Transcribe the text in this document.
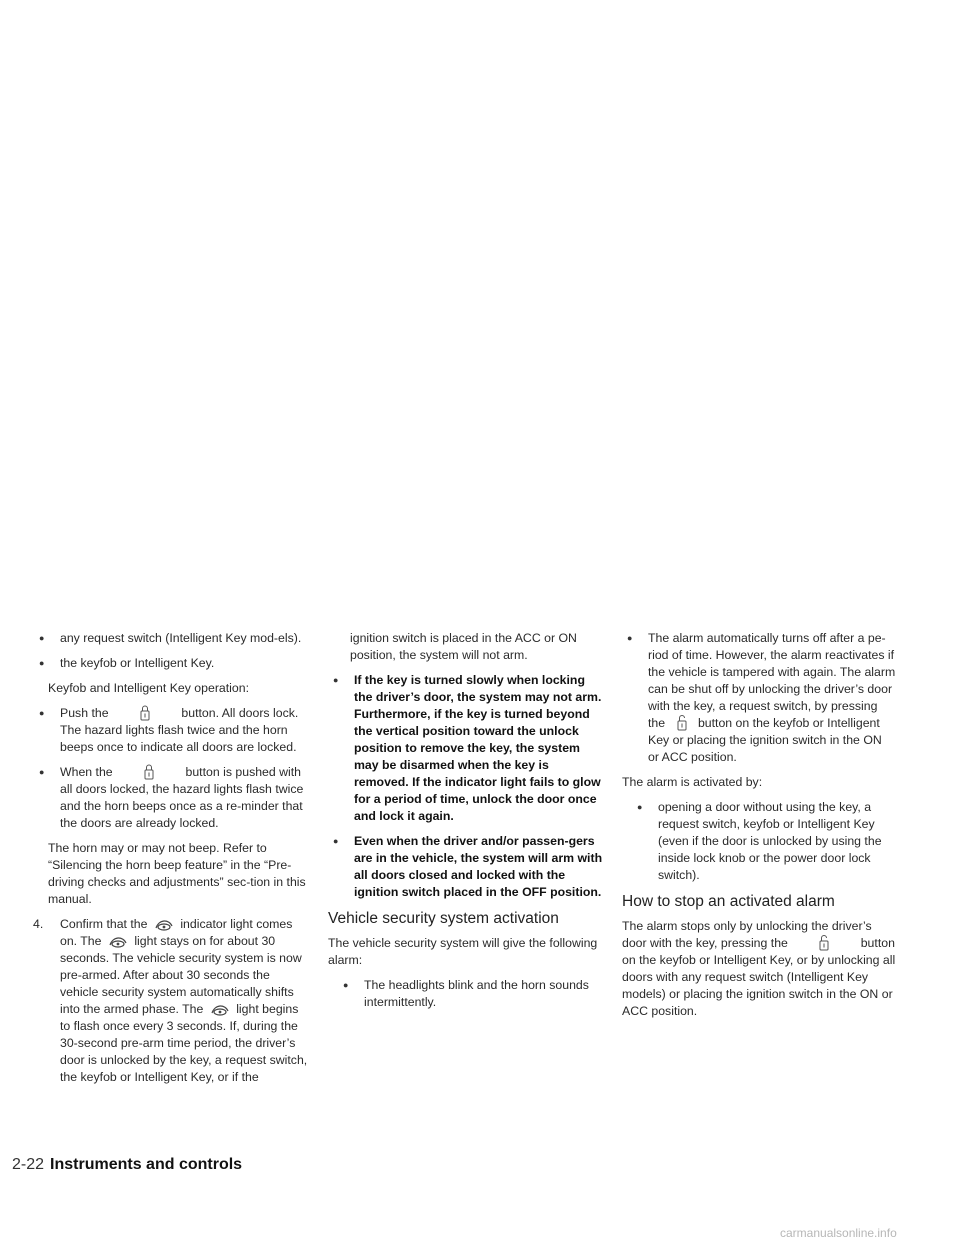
● any request switch (Intelligent Key mod-els).
● the keyfob or Intelligent Key.

Keyfob and Intelligent Key operation:

● Push the	button. All doors lock. The hazard lights flash twice and the horn beeps once to indicate all doors are locked.
● When the	button is pushed with all doors locked, the hazard lights flash twice and the horn beeps once as a re-minder that the doors are already locked.

The horn may or may not beep. Refer to “Silencing the horn beep feature” in the “Pre-driving checks and adjustments” sec-tion in this manual.

4. Confirm that the	indicator light comes on. The	light stays on for about 30 seconds. The vehicle security system is now pre-armed. After about 30 seconds the vehicle security system automatically shifts into the armed phase. The	light begins to flash once every 3 seconds. If, during the 30-second pre-arm time period, the driver’s door is unlocked by the key, a request switch, the keyfob or Intelligent Key, or if the

ignition switch is placed in the ACC or ON position, the system will not arm.

● If the key is turned slowly when locking the driver’s door, the system may not arm. Furthermore, if the key is turned beyond the vertical position toward the unlock position to remove the key, the system may be disarmed when the key is removed. If the indicator light fails to glow for a period of time, unlock the door once and lock it again.
● Even when the driver and/or passen-gers are in the vehicle, the system will arm with all doors closed and locked with the ignition switch placed in the OFF position.
Vehicle security system activation

The vehicle security system will give the following alarm:

● The headlights blink and the horn sounds intermittently.
● The alarm automatically turns off after a pe-riod of time. However, the alarm reactivates if the vehicle is tampered with again. The alarm can be shut off by unlocking the driver’s door with the key, a request switch, by pressing the	button on the keyfob or Intelligent Key or placing the ignition switch in the ON or ACC position.

The alarm is activated by:

● opening a door without using the key, a request switch, keyfob or Intelligent Key (even if the door is unlocked by using the inside lock knob or the power door lock switch).
How to stop an activated alarm

The alarm stops only by unlocking the driver’s door with the key, pressing the	button on the keyfob or Intelligent Key, or by unlocking all doors with any request switch (Intelligent Key models) or placing the ignition switch in the ON or ACC position.

2-22 Instruments and controls
carmanualsonline.info
